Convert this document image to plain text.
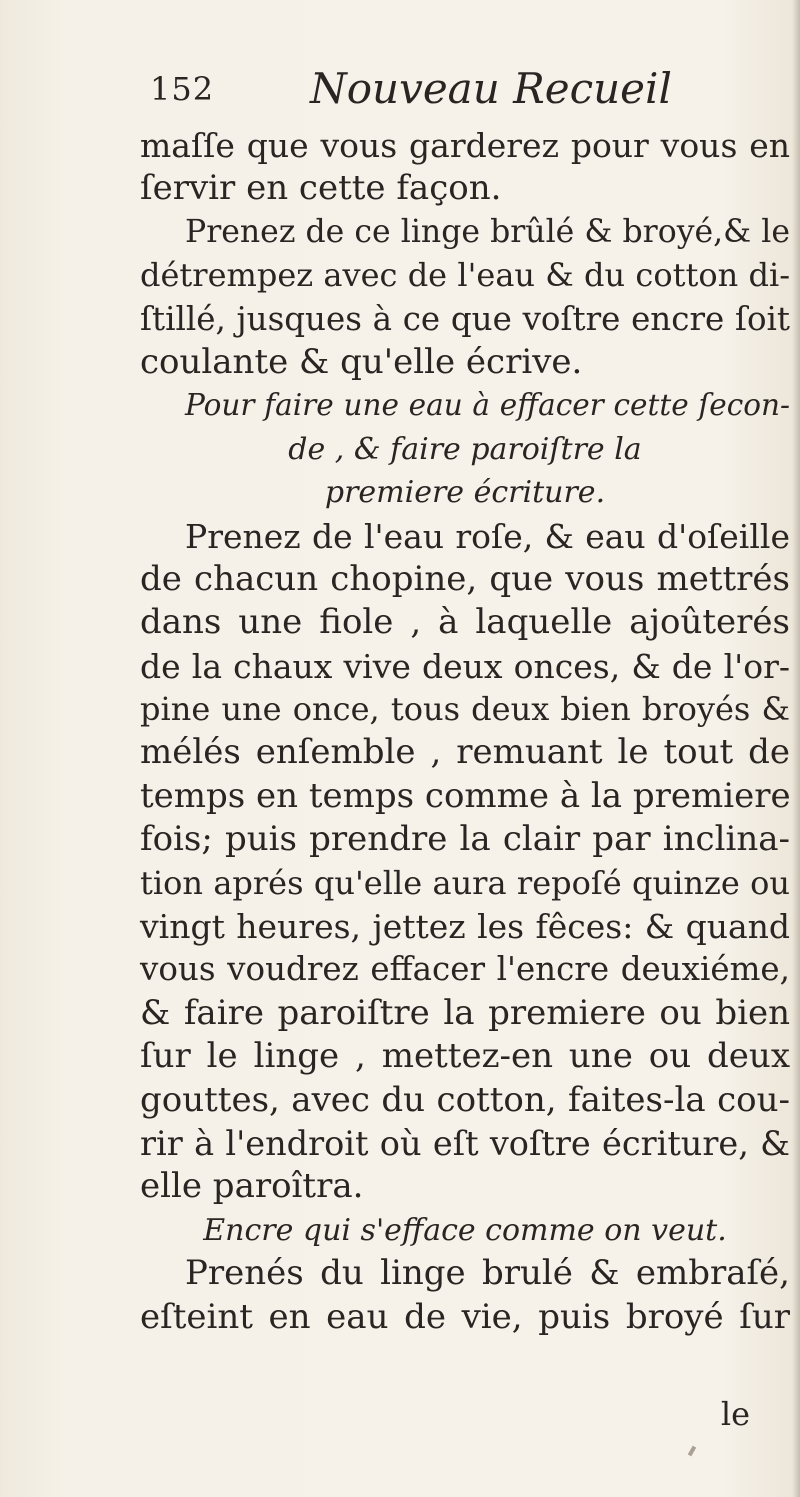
152 Nouveau Recueil
maſſe que vous garderez pour vous en
ſervir en cette façon.
Prenez de ce linge brûlé & broyé,& le
détrempez avec de l'eau & du cotton di-
ſtillé, jusques à ce que voſtre encre ſoit
coulante & qu'elle écrive.
Pour faire une eau à effacer cette ſecon-
de , & faire paroiſtre la
premiere écriture.
Prenez de l'eau roſe, & eau d'oſeille
de chacun chopine, que vous mettrés
dans une fiole , à laquelle ajoûterés
de la chaux vive deux onces, & de l'or-
pine une once, tous deux bien broyés &
mélés enſemble , remuant le tout de
temps en temps comme à la premiere
fois; puis prendre la clair par inclina-
tion aprés qu'elle aura repoſé quinze ou
vingt heures, jettez les fêces: & quand
vous voudrez effacer l'encre deuxiéme,
& faire paroiſtre la premiere ou bien
ſur le linge , mettez-en une ou deux
gouttes, avec du cotton, faites-la cou-
rir à l'endroit où eſt voſtre écriture, &
elle paroîtra.
Encre qui s'efface comme on veut.
Prenés du linge brulé & embraſé,
eſteint en eau de vie, puis broyé ſur
le
